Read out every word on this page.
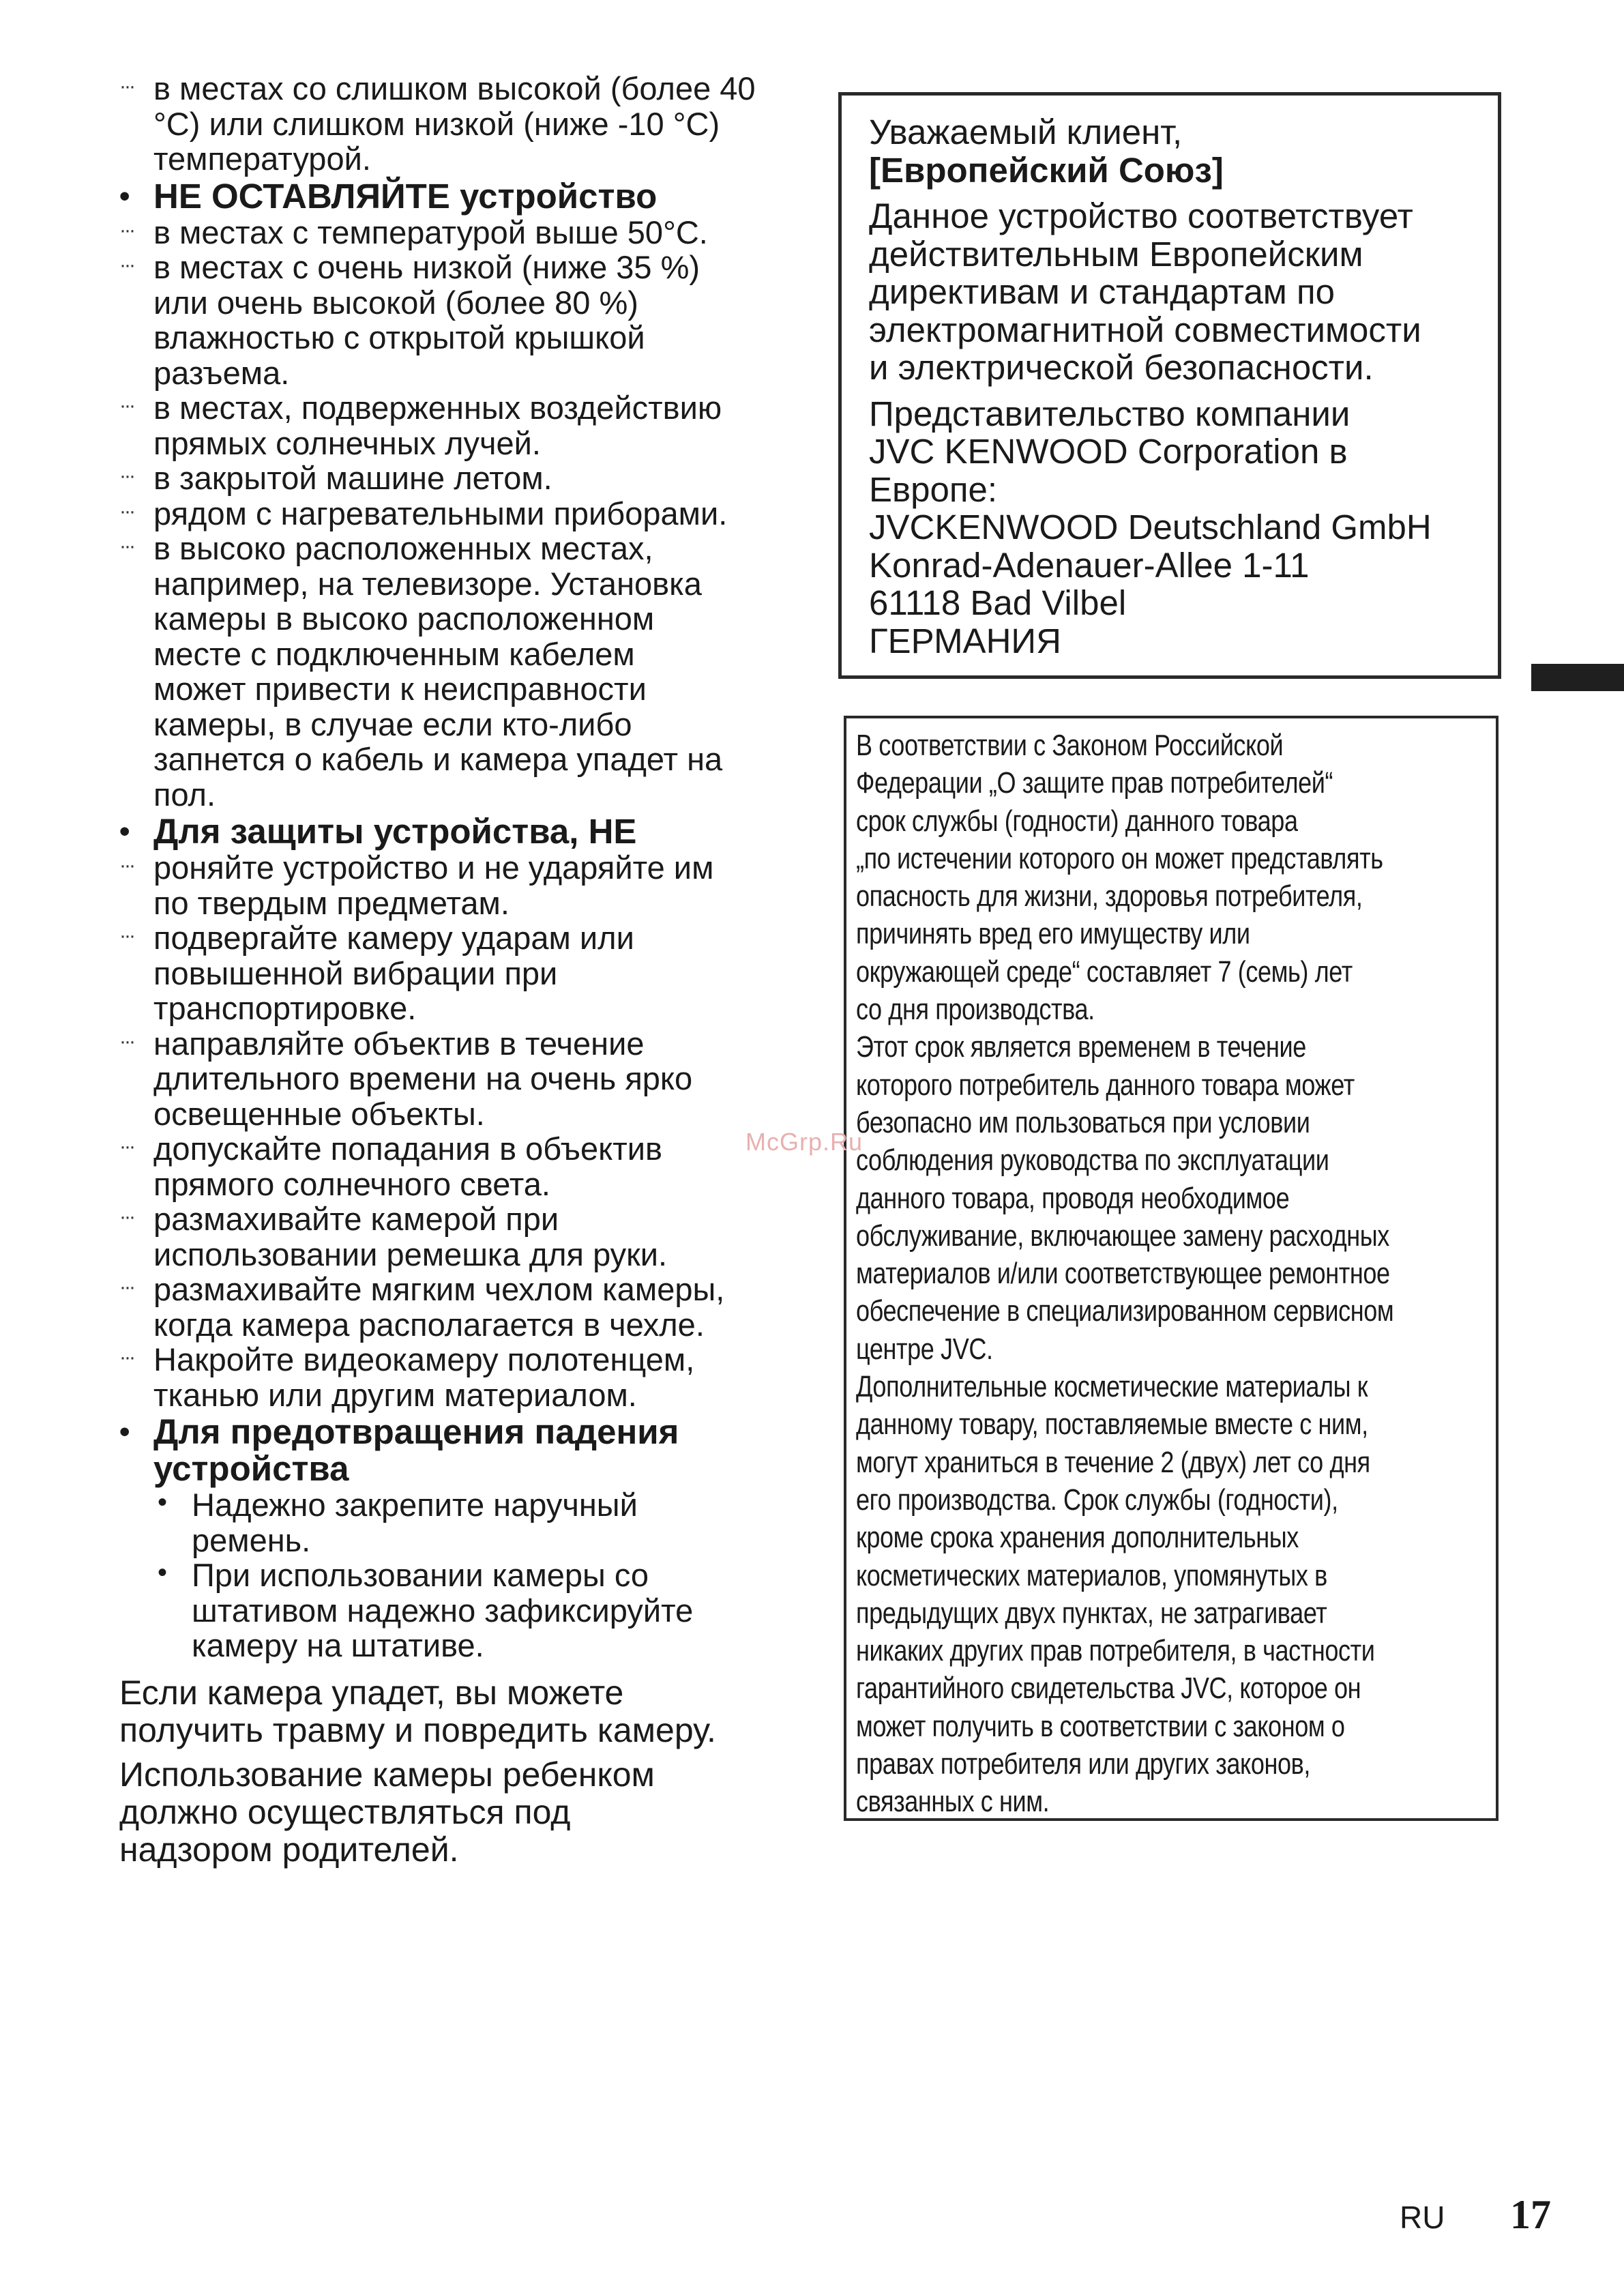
··· в местах со слишком высокой (более 40
°C) или слишком низкой (ниже -10 °C)
температурой.
• НЕ ОСТАВЛЯЙТЕ устройство
··· в местах с температурой выше 50°C.
··· в местах с очень низкой (ниже 35 %)
или очень высокой (более 80 %)
влажностью с открытой крышкой
разъема.
··· в местах, подверженных воздействию
прямых солнечных лучей.
··· в закрытой машине летом.
··· рядом с нагревательными приборами.
··· в высоко расположенных местах,
например, на телевизоре. Установка
камеры в высоко расположенном
месте с подключенным кабелем
может привести к неисправности
камеры, в случае если кто-либо
запнется о кабель и камера упадет на
пол.
• Для защиты устройства, НЕ
··· роняйте устройство и не ударяйте им
по твердым предметам.
··· подвергайте камеру ударам или
повышенной вибрации при
транспортировке.
··· направляйте объектив в течение
длительного времени на очень ярко
освещенные объекты.
··· допускайте попадания в объектив
прямого солнечного света.
··· размахивайте камерой при
использовании ремешка для руки.
··· размахивайте мягким чехлом камеры,
когда камера располагается в чехле.
··· Накройте видеокамеру полотенцем,
тканью или другим материалом.
• Для предотвращения падения
устройства
• Надежно закрепите наручный
ремень.
• При использовании камеры со
штативом надежно зафиксируйте
камеру на штативе.
Если камера упадет, вы можете
получить травму и повредить камеру.
Использование камеры ребенком
должно осуществляться под
надзором родителей.
Уважаемый клиент,
[Европейский Союз]
Данное устройство соответствует
действительным Европейским
директивам и стандартам по
электромагнитной совместимости
и электрической безопасности.
Представительство компании
JVC KENWOOD Corporation в
Европе:
JVCKENWOOD Deutschland GmbH
Konrad-Adenauer-Allee 1-11
61118 Bad Vilbel
ГЕРМАНИЯ
В соответствии с Законом Российской
Федерации „О защите прав потребителей“
срок службы (годности) данного товара
„по истечении которого он может представлять
опасность для жизни, здоровья потребителя,
причинять вред его имуществу или
окружающей среде“ составляет 7 (семь) лет
со дня производства.
Этот срок является временем в течение
которого потребитель данного товара может
безопасно им пользоваться при условии
соблюдения руководства по эксплуатации
данного товара, проводя необходимое
обслуживание, включающее замену расходных
материалов и/или соответствующее ремонтное
обеспечение в специализированном сервисном
центре JVC.
Дополнительные косметические материалы к
данному товару, поставляемые вместе с ним,
могут храниться в течение 2 (двух) лет со дня
его производства. Срок службы (годности),
кроме срока хранения дополнительных
косметических материалов, упомянутых в
предыдущих двух пунктах, не затрагивает
никаких других прав потребителя, в частности
гарантийного свидетельства JVC, которое он
может получить в соответствии с законом о
правах потребителя или других законов,
связанных с ним.
McGrp.Ru
RU 17
